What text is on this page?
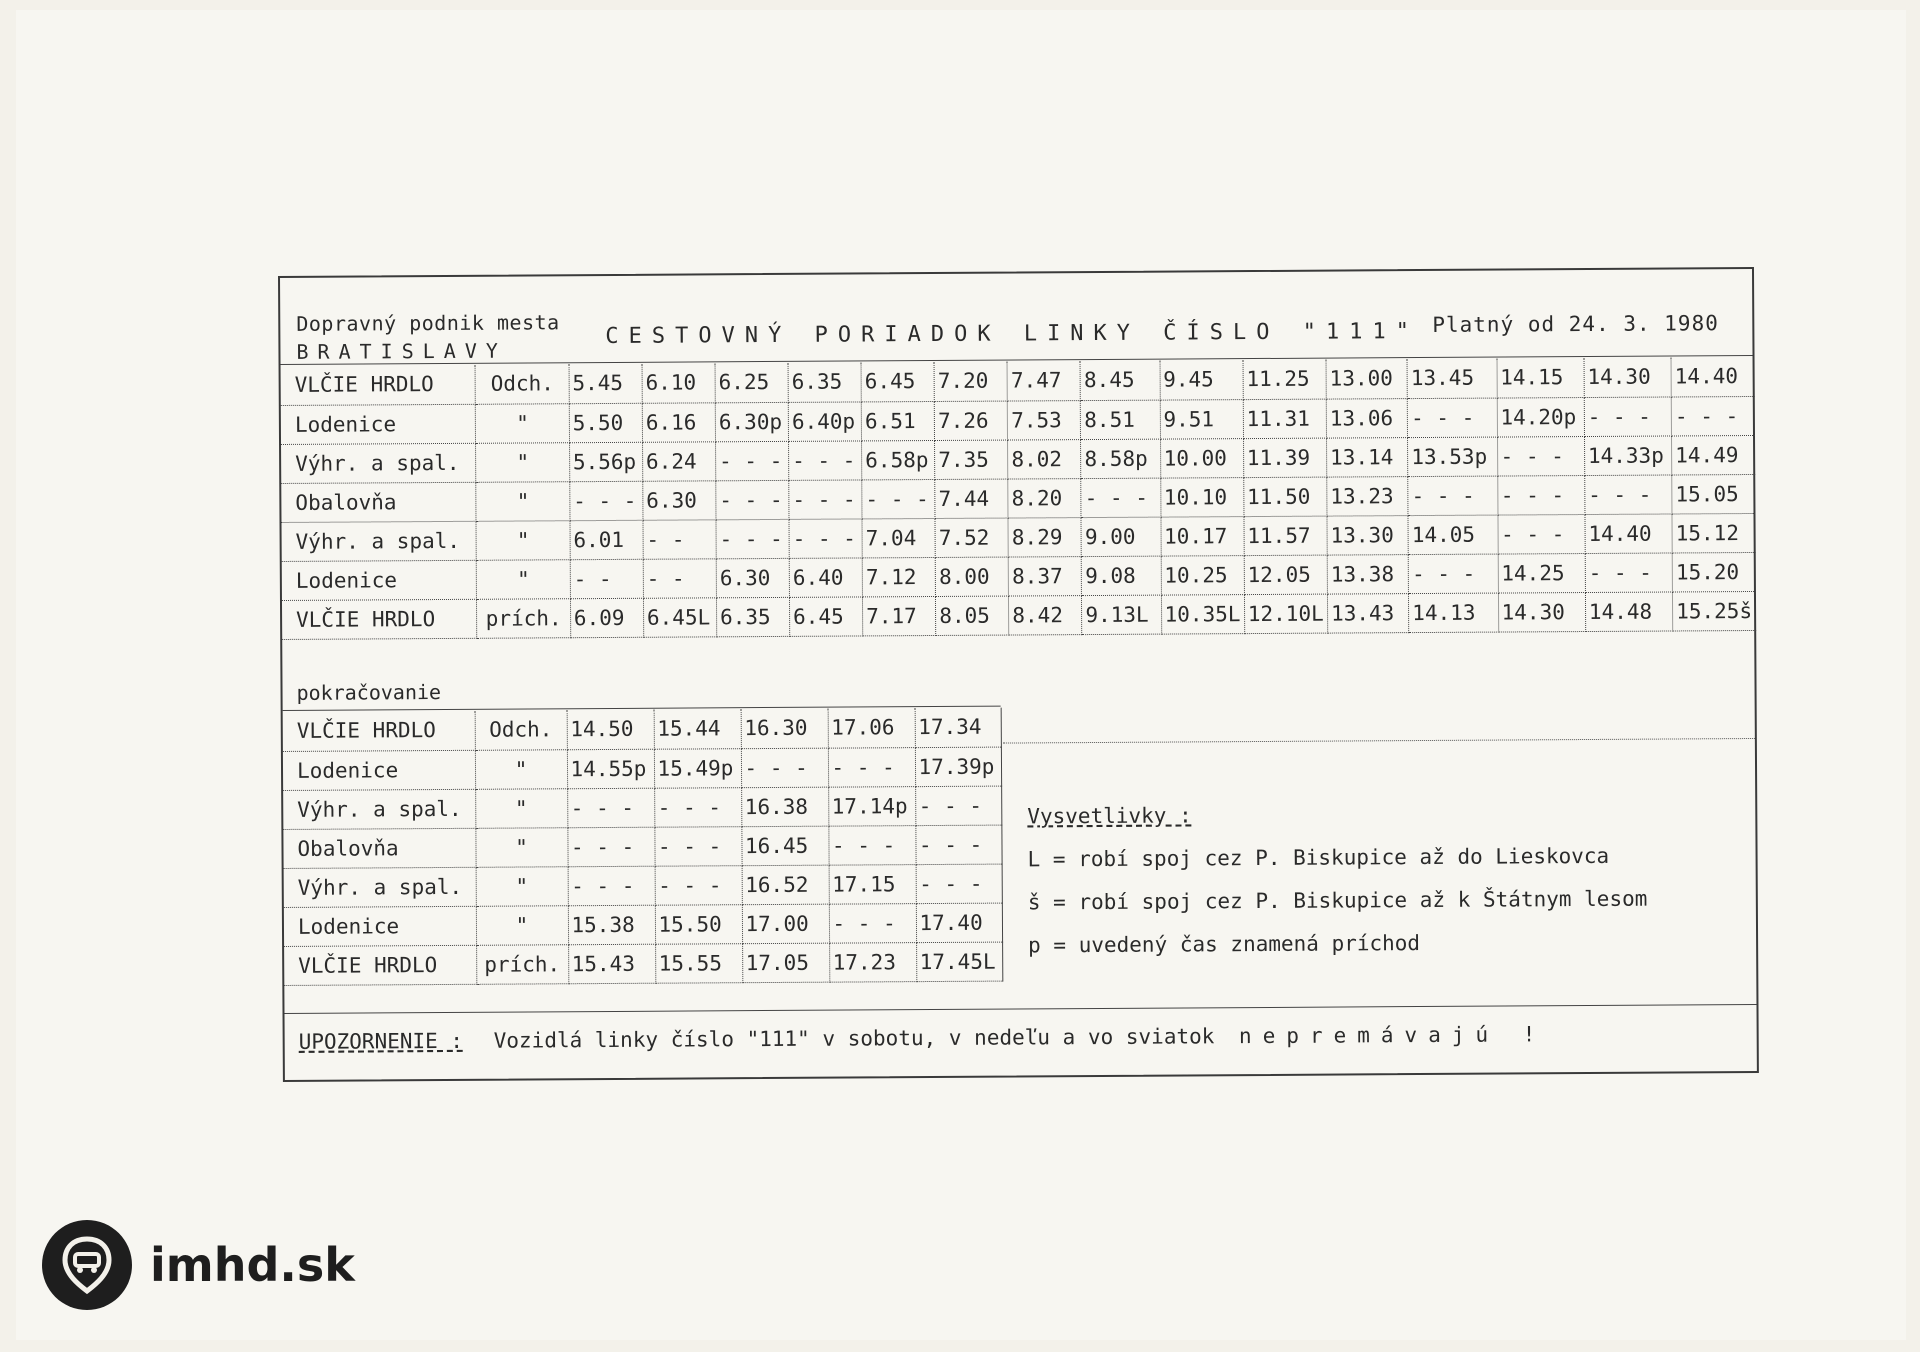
Dopravný podnik mesta
BRATISLAVY
CESTOVNÝ PORIADOK LINKY ČÍSLO "111" Platný od 24. 3. 1980
VLČIE HRDLO	Odch.	5.45	6.10	6.25	6.35	6.45	7.20	7.47	8.45	9.45	11.25	13.00	13.45	14.15	14.30	14.40
Lodenice	"	5.50	6.16	6.30p	6.40p	6.51	7.26	7.53	8.51	9.51	11.31	13.06	- - -	14.20p	- - -	- - -
Výhr. a spal.	"	5.56p	6.24	- - -	- - -	6.58p	7.35	8.02	8.58p	10.00	11.39	13.14	13.53p	- - -	14.33p	14.49
Obalovňa	"	- - -	6.30	- - -	- - -	- - -	7.44	8.20	- - -	10.10	11.50	13.23	- - -	- - -	- - -	15.05
Výhr. a spal.	"	6.01	- -	- - -	- - -	7.04	7.52	8.29	9.00	10.17	11.57	13.30	14.05	- - -	14.40	15.12
Lodenice	"	- -	- -	6.30	6.40	7.12	8.00	8.37	9.08	10.25	12.05	13.38	- - -	14.25	- - -	15.20
VLČIE HRDLO	prích.	6.09	6.45L	6.35	6.45	7.17	8.05	8.42	9.13L	10.35L	12.10L	13.43	14.13	14.30	14.48	15.25š
pokračovanie
VLČIE HRDLO	Odch.	14.50	15.44	16.30	17.06	17.34
Lodenice	"	14.55p	15.49p	- - -	- - -	17.39p
Výhr. a spal.	"	- - -	- - -	16.38	17.14p	- - -
Obalovňa	"	- - -	- - -	16.45	- - -	- - -
Výhr. a spal.	"	- - -	- - -	16.52	17.15	- - -
Lodenice	"	15.38	15.50	17.00	- - -	17.40
VLČIE HRDLO	prích.	15.43	15.55	17.05	17.23	17.45L
Vysvetlivky :
L = robí spoj cez P. Biskupice až do Lieskovca
š = robí spoj cez P. Biskupice až k Štátnym lesom
p = uvedený čas znamená príchod
UPOZORNENIE : Vozidlá linky číslo "111" v sobotu, v nedeľu a vo sviatok nepremávajú !
imhd.sk
